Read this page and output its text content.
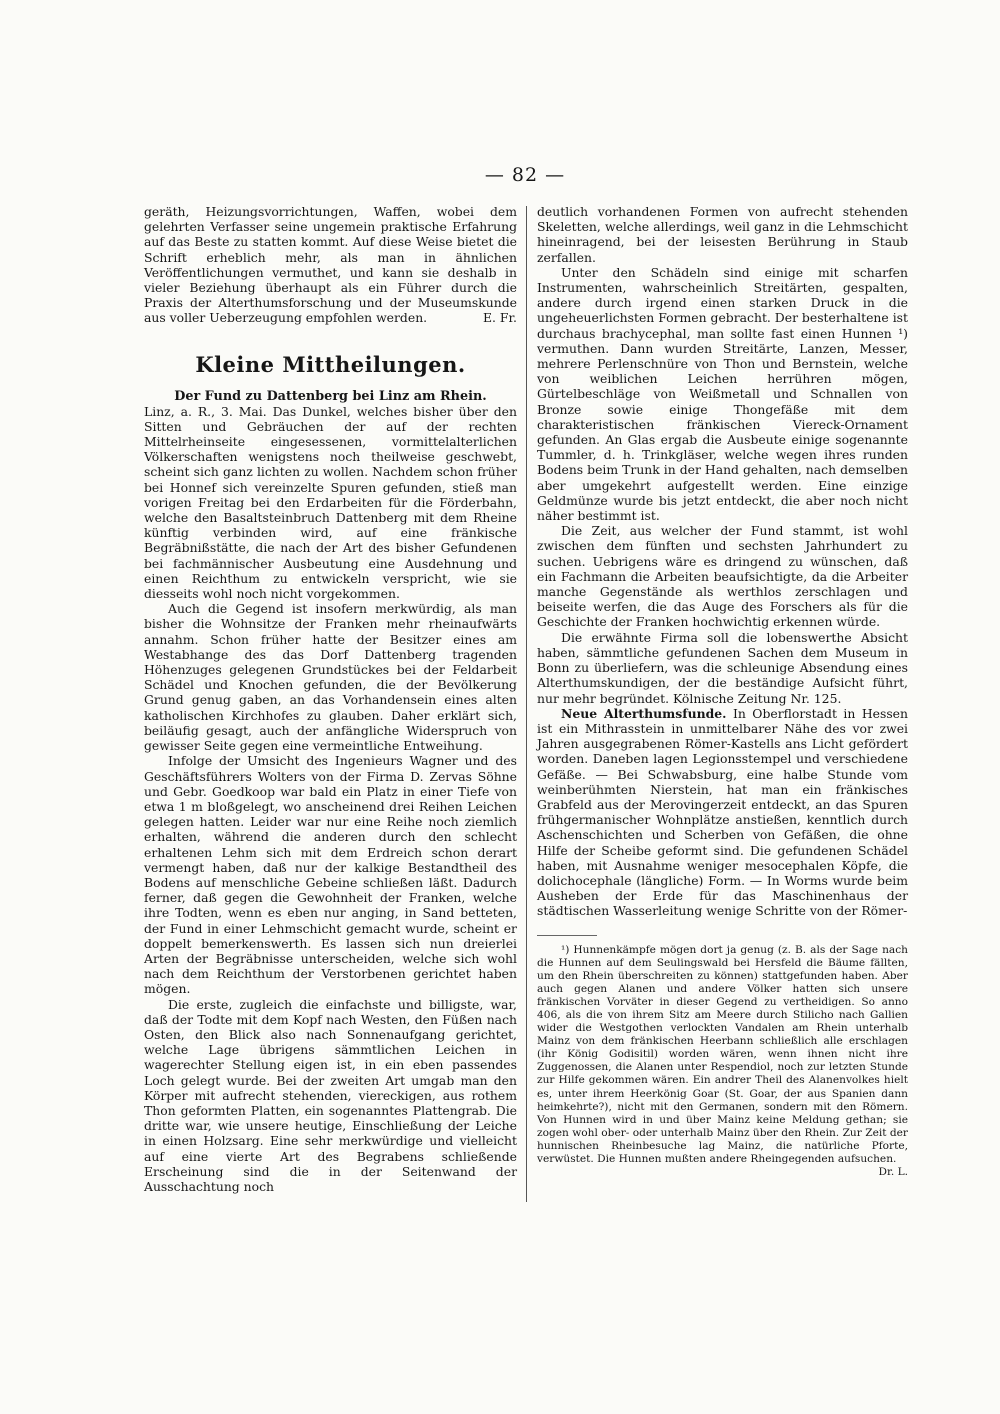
— 82 —

geräth, Heizungsvorrichtungen, Waffen, wobei dem gelehrten Verfasser seine ungemein praktische Erfahrung auf das Beste zu statten kommt. Auf diese Weise bietet die Schrift erheblich mehr, als man in ähnlichen Veröffentlichungen vermuthet, und kann sie deshalb in vieler Beziehung überhaupt als ein Führer durch die Praxis der Alterthumsforschung und der Museumskunde aus voller Ueberzeugung empfohlen werden.	E. Fr.

Kleine Mittheilungen.
Der Fund zu Dattenberg bei Linz am Rhein.

Linz, a. R., 3. Mai. Das Dunkel, welches bisher über den Sitten und Gebräuchen der auf der rechten Mittelrheinseite eingesessenen, vormittelalterlichen Völkerschaften wenigstens noch theilweise geschwebt, scheint sich ganz lichten zu wollen. Nachdem schon früher bei Honnef sich vereinzelte Spuren gefunden, stieß man vorigen Freitag bei den Erdarbeiten für die Förderbahn, welche den Basaltsteinbruch Dattenberg mit dem Rheine künftig verbinden wird, auf eine fränkische Begräbnißstätte, die nach der Art des bisher Gefundenen bei fachmännischer Ausbeutung eine Ausdehnung und einen Reichthum zu entwickeln verspricht, wie sie diesseits wohl noch nicht vorgekommen.

Auch die Gegend ist insofern merkwürdig, als man bisher die Wohnsitze der Franken mehr rheinaufwärts annahm. Schon früher hatte der Besitzer eines am Westabhange des das Dorf Dattenberg tragenden Höhenzuges gelegenen Grundstückes bei der Feldarbeit Schädel und Knochen gefunden, die der Bevölkerung Grund genug gaben, an das Vorhandensein eines alten katholischen Kirchhofes zu glauben. Daher erklärt sich, beiläufig gesagt, auch der anfängliche Widerspruch von gewisser Seite gegen eine vermeintliche Entweihung.

Infolge der Umsicht des Ingenieurs Wagner und des Geschäftsführers Wolters von der Firma D. Zervas Söhne und Gebr. Goedkoop war bald ein Platz in einer Tiefe von etwa 1 m bloßgelegt, wo anscheinend drei Reihen Leichen gelegen hatten. Leider war nur eine Reihe noch ziemlich erhalten, während die anderen durch den schlecht erhaltenen Lehm sich mit dem Erdreich schon derart vermengt haben, daß nur der kalkige Bestandtheil des Bodens auf menschliche Gebeine schließen läßt. Dadurch ferner, daß gegen die Gewohnheit der Franken, welche ihre Todten, wenn es eben nur anging, in Sand betteten, der Fund in einer Lehmschicht gemacht wurde, scheint er doppelt bemerkenswerth. Es lassen sich nun dreierlei Arten der Begräbnisse unterscheiden, welche sich wohl nach dem Reichthum der Verstorbenen gerichtet haben mögen.

Die erste, zugleich die einfachste und billigste, war, daß der Todte mit dem Kopf nach Westen, den Füßen nach Osten, den Blick also nach Sonnenaufgang gerichtet, welche Lage übrigens sämmtlichen Leichen in wagerechter Stellung eigen ist, in ein eben passendes Loch gelegt wurde. Bei der zweiten Art umgab man den Körper mit aufrecht stehenden, viereckigen, aus rothem Thon geformten Platten, ein sogenanntes Plattengrab. Die dritte war, wie unsere heutige, Einschließung der Leiche in einen Holzsarg. Eine sehr merkwürdige und vielleicht auf eine vierte Art des Begrabens schließende Erscheinung sind die in der Seitenwand der Ausschachtung noch

deutlich vorhandenen Formen von aufrecht stehenden Skeletten, welche allerdings, weil ganz in die Lehmschicht hineinragend, bei der leisesten Berührung in Staub zerfallen.

Unter den Schädeln sind einige mit scharfen Instrumenten, wahrscheinlich Streitärten, gespalten, andere durch irgend einen starken Druck in die ungeheuerlichsten Formen gebracht. Der besterhaltene ist durchaus brachycephal, man sollte fast einen Hunnen ¹) vermuthen. Dann wurden Streitärte, Lanzen, Messer, mehrere Perlenschnüre von Thon und Bernstein, welche von weiblichen Leichen herrühren mögen, Gürtelbeschläge von Weißmetall und Schnallen von Bronze sowie einige Thongefäße mit dem charakteristischen fränkischen Viereck-Ornament gefunden. An Glas ergab die Ausbeute einige sogenannte Tummler, d. h. Trinkgläser, welche wegen ihres runden Bodens beim Trunk in der Hand gehalten, nach demselben aber umgekehrt aufgestellt werden. Eine einzige Geldmünze wurde bis jetzt entdeckt, die aber noch nicht näher bestimmt ist.

Die Zeit, aus welcher der Fund stammt, ist wohl zwischen dem fünften und sechsten Jahrhundert zu suchen. Uebrigens wäre es dringend zu wünschen, daß ein Fachmann die Arbeiten beaufsichtigte, da die Arbeiter manche Gegenstände als werthlos zerschlagen und beiseite werfen, die das Auge des Forschers als für die Geschichte der Franken hochwichtig erkennen würde.

Die erwähnte Firma soll die lobenswerthe Absicht haben, sämmtliche gefundenen Sachen dem Museum in Bonn zu überliefern, was die schleunige Absendung eines Alterthumskundigen, der die beständige Aufsicht führt, nur mehr begründet. Kölnische Zeitung Nr. 125.

Neue Alterthumsfunde. In Oberflorstadt in Hessen ist ein Mithrasstein in unmittelbarer Nähe des vor zwei Jahren ausgegrabenen Römer-Kastells ans Licht gefördert worden. Daneben lagen Legionsstempel und verschiedene Gefäße. — Bei Schwabsburg, eine halbe Stunde vom weinberühmten Nierstein, hat man ein fränkisches Grabfeld aus der Merovingerzeit entdeckt, an das Spuren frühgermanischer Wohnplätze anstießen, kenntlich durch Aschenschichten und Scherben von Gefäßen, die ohne Hilfe der Scheibe geformt sind. Die gefundenen Schädel haben, mit Ausnahme weniger mesocephalen Köpfe, die dolichocephale (längliche) Form. — In Worms wurde beim Ausheben der Erde für das Maschinenhaus der städtischen Wasserleitung wenige Schritte von der Römer-

¹) Hunnenkämpfe mögen dort ja genug (z. B. als der Sage nach die Hunnen auf dem Seulingswald bei Hersfeld die Bäume fällten, um den Rhein überschreiten zu können) stattgefunden haben. Aber auch gegen Alanen und andere Völker hatten sich unsere fränkischen Vorväter in dieser Gegend zu vertheidigen. So anno 406, als die von ihrem Sitz am Meere durch Stilicho nach Gallien wider die Westgothen verlockten Vandalen am Rhein unterhalb Mainz von dem fränkischen Heerbann schließlich alle erschlagen (ihr König Godisitil) worden wären, wenn ihnen nicht ihre Zuggenossen, die Alanen unter Respendiol, noch zur letzten Stunde zur Hilfe gekommen wären. Ein andrer Theil des Alanenvolkes hielt es, unter ihrem Heerkönig Goar (St. Goar, der aus Spanien dann heimkehrte?), nicht mit den Germanen, sondern mit den Römern. Von Hunnen wird in und über Mainz keine Meldung gethan; sie zogen wohl ober- oder unterhalb Mainz über den Rhein. Zur Zeit der hunnischen Rheinbesuche lag Mainz, die natürliche Pforte, verwüstet. Die Hunnen mußten andere Rheingegenden aufsuchen.
Dr. L.
